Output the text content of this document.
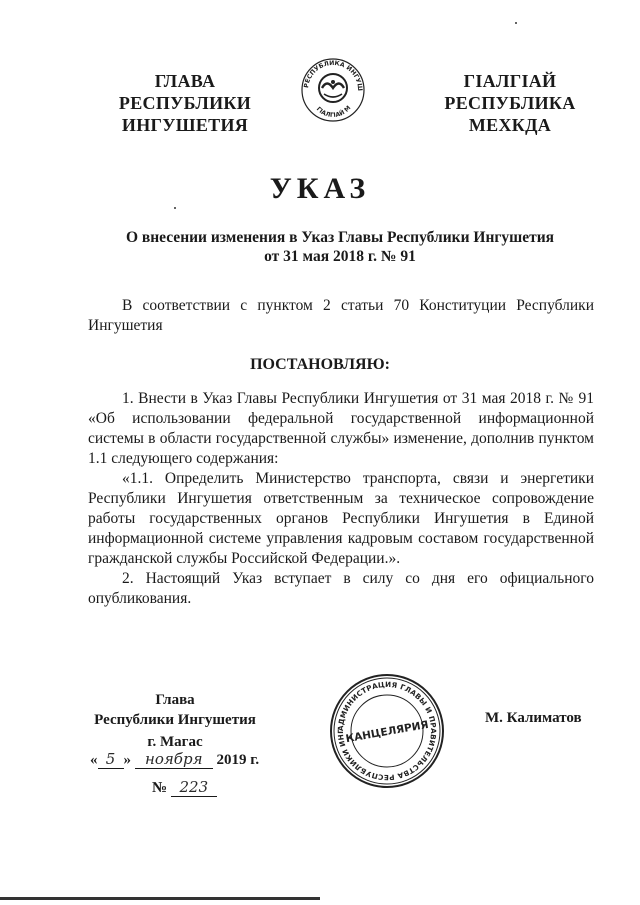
ГЛАВА
РЕСПУБЛИКИ
ИНГУШЕТИЯ
РЕСПУБЛИКА ИНГУШ
ГIАЛГIАЙ М
ГIАЛГIАЙ
РЕСПУБЛИКА
МЕХКДА
УКАЗ
О внесении изменения в Указ Главы Республики Ингушетия
от 31 мая 2018 г. № 91
В соответствии с пунктом 2 статьи 70 Конституции Республики Ингушетия
ПОСТАНОВЛЯЮ:
1. Внести в Указ Главы Республики Ингушетия от 31 мая 2018 г. № 91 «Об использовании федеральной государственной информационной системы в области государственной службы» изменение, дополнив пунктом 1.1 следующего содержания:
«1.1. Определить Министерство транспорта, связи и энергетики Республики Ингушетия ответственным за техническое сопровождение работы государственных органов Республики Ингушетия в Единой информационной системе управления кадровым составом государственной гражданской службы Российской Федерации.».
2. Настоящий Указ вступает в силу со дня его официального опубликования.
Глава
Республики Ингушетия
г. Магас
« 5 » ноября 2019 г.
№ 223
АДМИНИСТРАЦИЯ ГЛАВЫ И ПРАВИТЕЛЬСТВА РЕСПУБЛИКИ ИНГ КАНЦЕЛЯРИЯ
М. Калиматов
